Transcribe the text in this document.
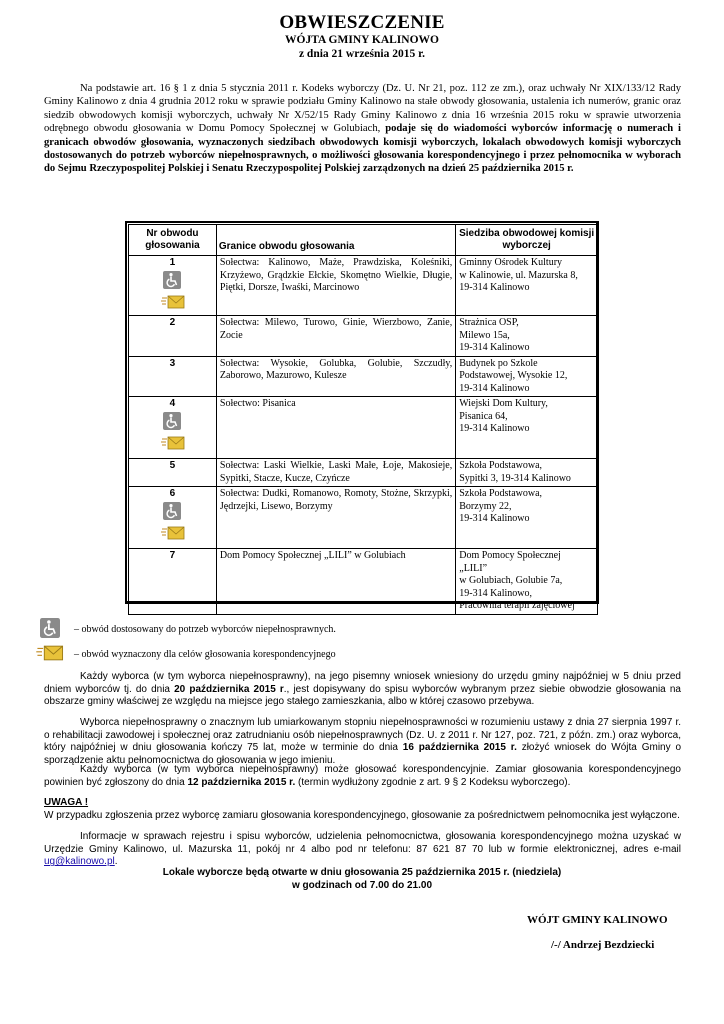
OBWIESZCZENIE
WÓJTA GMINY KALINOWO
z dnia 21 września 2015 r.

Na podstawie art. 16 § 1 z dnia 5 stycznia 2011 r. Kodeks wyborczy (Dz. U. Nr 21, poz. 112 ze zm.), oraz uchwały Nr XIX/133/12 Rady Gminy Kalinowo z dnia 4 grudnia 2012 roku w sprawie podziału Gminy Kalinowo na stałe obwody głosowania, ustalenia ich numerów, granic oraz siedzib obwodowych komisji wyborczych, uchwały Nr X/52/15 Rady Gminy Kalinowo z dnia 16 września 2015 roku w sprawie utworzenia odrębnego obwodu głosowania w Domu Pomocy Społecznej w Golubiach, podaje się do wiadomości wyborców informację o numerach i granicach obwodów głosowania, wyznaczonych siedzibach obwodowych komisji wyborczych, lokalach obwodowych komisji wyborczych dostosowanych do potrzeb wyborców niepełnosprawnych, o możliwości głosowania korespondencyjnego i przez pełnomocnika w wyborach do Sejmu Rzeczypospolitej Polskiej i Senatu Rzeczypospolitej Polskiej zarządzonych na dzień 25 października 2015 r.

Nr obwodu głosowania	Granice obwodu głosowania	Siedziba obwodowej komisji wyborczej

1	Sołectwa: Kalinowo, Maże, Prawdziska, Koleśniki, Krzyżewo, Grądzkie Ełckie, Skomętno Wielkie, Długie, Piętki, Dorsze, Iwaśki, Marcinowo	Gminny Ośrodek Kultury
w Kalinowie, ul. Mazurska 8,
19-314 Kalinowo

2	Sołectwa: Milewo, Turowo, Ginie, Wierzbowo, Zanie, Zocie	Strażnica OSP,
Milewo 15a,
19-314 Kalinowo

3	Sołectwa: Wysokie, Golubka, Golubie, Szczudły, Zaborowo, Mazurowo, Kulesze	Budynek po Szkole
Podstawowej, Wysokie 12,
19-314 Kalinowo

4	Sołectwo: Pisanica	Wiejski Dom Kultury,
Pisanica 64,
19-314 Kalinowo

5	Sołectwa: Laski Wielkie, Laski Małe, Łoje, Makosieje, Sypitki, Stacze, Kucze, Czyńcze	Szkoła Podstawowa,
Sypitki 3, 19-314 Kalinowo

6	Sołectwa: Dudki, Romanowo, Romoty, Stożne, Skrzypki, Jędrzejki, Lisewo, Borzymy	Szkoła Podstawowa,
Borzymy 22,
19-314 Kalinowo

7	Dom Pomocy Społecznej „LILI” w Golubiach	Dom Pomocy Społecznej
„LILI”
w Golubiach, Golubie 7a,
19-314 Kalinowo,
Pracownia terapii zajęciowej
– obwód dostosowany do potrzeb wyborców niepełnosprawnych.
– obwód wyznaczony dla celów głosowania korespondencyjnego

Każdy wyborca (w tym wyborca niepełnosprawny), na jego pisemny wniosek wniesiony do urzędu gminy najpóźniej w 5 dniu przed dniem wyborców tj. do dnia 20 października 2015 r., jest dopisywany do spisu wyborców wybranym przez siebie obwodzie głosowania na obszarze gminy właściwej ze względu na miejsce jego stałego zamieszkania, albo w której czasowo przebywa.

Wyborca niepełnosprawny o znacznym lub umiarkowanym stopniu niepełnosprawności w rozumieniu ustawy z dnia 27 sierpnia 1997 r. o rehabilitacji zawodowej i społecznej oraz zatrudnianiu osób niepełnosprawnych (Dz. U. z 2011 r. Nr 127, poz. 721, z późn. zm.) oraz wyborca, który najpóźniej w dniu głosowania kończy 75 lat, może w terminie do dnia 16 października 2015 r. złożyć wniosek do Wójta Gminy o sporządzenie aktu pełnomocnictwa do głosowania w jego imieniu.

Każdy wyborca (w tym wyborca niepełnosprawny) może głosować korespondencyjnie. Zamiar głosowania korespondencyjnego powinien być zgłoszony do dnia 12 października 2015 r. (termin wydłużony zgodnie z art. 9 § 2 Kodeksu wyborczego).

UWAGA !

W przypadku zgłoszenia przez wyborcę zamiaru głosowania korespondencyjnego, głosowanie za pośrednictwem pełnomocnika jest wyłączone.

Informacje w sprawach rejestru i spisu wyborców, udzielenia pełnomocnictwa, głosowania korespondencyjnego można uzyskać w Urzędzie Gminy Kalinowo, ul. Mazurska 11, pokój nr 4 albo pod nr telefonu: 87 621 87 70 lub w formie elektronicznej, adres e-mail ug@kalinowo.pl.

Lokale wyborcze będą otwarte w dniu głosowania 25 października 2015 r. (niedziela)
w godzinach od 7.00 do 21.00
WÓJT GMINY KALINOWO
/-/ Andrzej Bezdziecki
